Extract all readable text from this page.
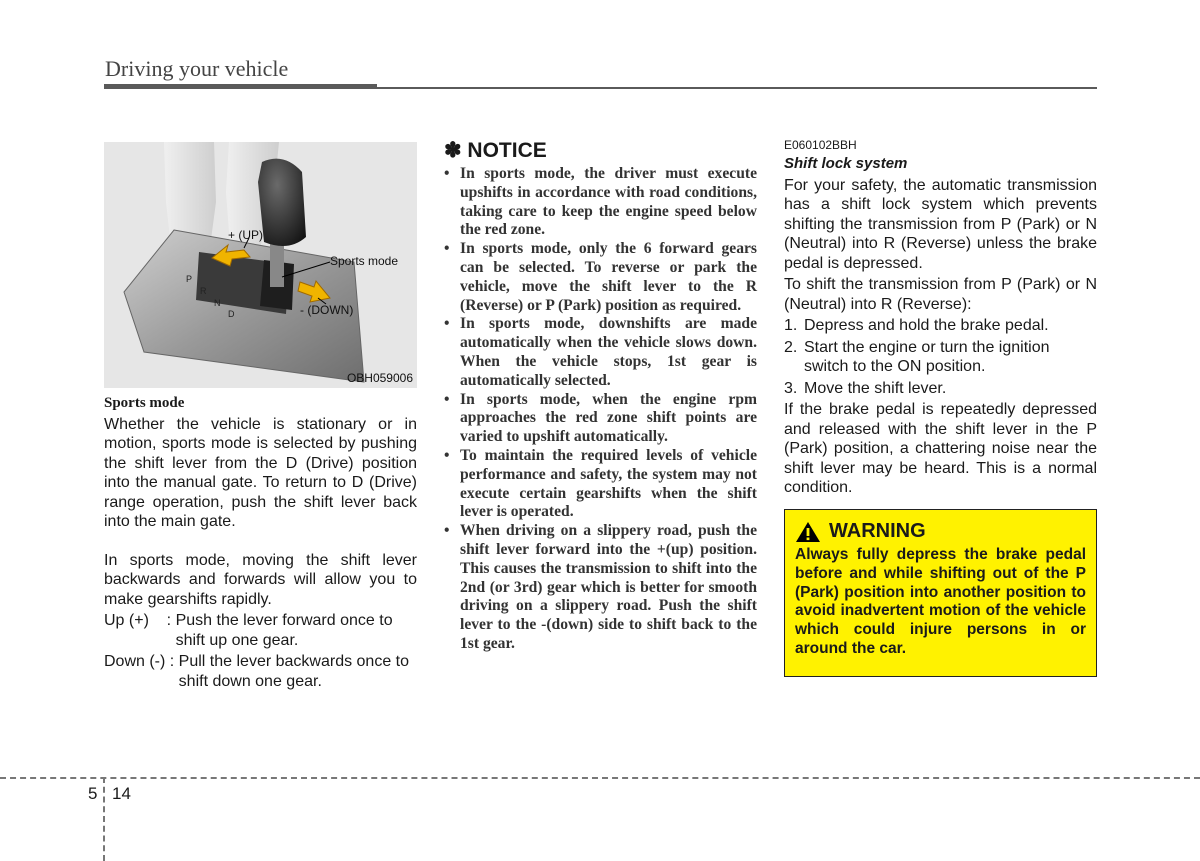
Driving your vehicle
P
R
N
D
+ (UP)
Sports mode
- (DOWN)
OBH059006
Sports mode

Whether the vehicle is stationary or in motion, sports mode is selected by pushing the shift lever from the D (Drive) position into the manual gate. To return to D (Drive) range operation, push the shift lever back into the main gate.

In sports mode, moving the shift lever backwards and forwards will allow you to make gearshifts rapidly.

Up (+)    : Push the lever forward once to shift up one gear.
Down (-) : Pull the lever backwards once to shift down one gear.
✽ NOTICE
• In sports mode, the driver must execute upshifts in accordance with road conditions, taking care to keep the engine speed below the red zone.
• In sports mode, only the 6 forward gears can be selected. To reverse or park the vehicle, move the shift lever to the R (Reverse) or P (Park) position as required.
• In sports mode, downshifts are made automatically when the vehicle slows down. When the vehicle stops, 1st gear is automatically selected.
• In sports mode, when the engine rpm approaches the red zone shift points are varied to upshift automatically.
• To maintain the required levels of vehicle performance and safety, the system may not execute certain gearshifts when the shift lever is operated.
• When driving on a slippery road, push the shift lever forward into the +(up) position. This causes the transmission to shift into the 2nd (or 3rd) gear which is better for smooth driving on a slippery road. Push the shift lever to the -(down) side to shift back to the 1st gear.
E060102BBH
Shift lock system

For your safety, the automatic transmission has a shift lock system which prevents shifting the transmission from P (Park) or N (Neutral) into R (Reverse) unless the brake pedal is depressed.

To shift the transmission from P (Park) or N (Neutral) into R (Reverse):

1. Depress and hold the brake pedal.
2. Start the engine or turn the ignition switch to the ON position.
3. Move the shift lever.

If the brake pedal is repeatedly depressed and released with the shift lever in the P (Park) position, a chattering noise near the shift lever may be heard. This is a normal condition.

WARNING
Always fully depress the brake pedal before and while shifting out of the P (Park) position into another position to avoid inadvertent motion of the vehicle which could injure persons in or around the car.
5 14
